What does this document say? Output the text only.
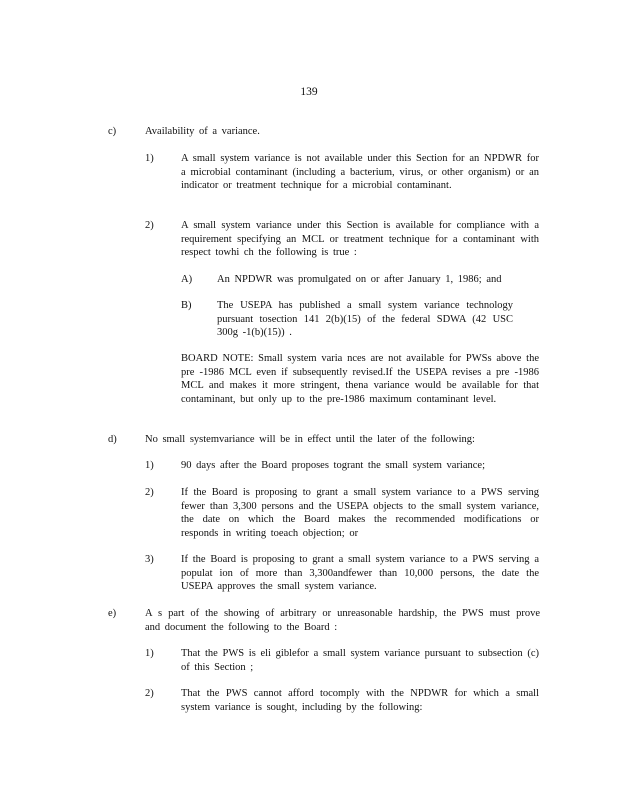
139
c)	Availability of a variance.
1)	A small system variance is not available under this Section for an NPDWR for a microbial contaminant (including a bacterium, virus, or other organism) or an indicator or treatment technique for a microbial contaminant.
2)	A small system variance under this Section is available for compliance with a requirement specifying an MCL or treatment technique for a contaminant with respect towhi ch the following is true :
A) An NPDWR was promulgated on or after January 1, 1986; and
B) The USEPA has published a small system variance technology pursuant tosection 141 2(b)(15) of the federal SDWA (42 USC 300g -1(b)(15)) .
BOARD NOTE: Small system varia nces are not available for PWSs above the pre -1986 MCL even if subsequently revised.If the USEPA revises a pre -1986 MCL and makes it more stringent, thena variance would be available for that contaminant, but only up to the pre-1986 maximum contaminant level.
d)	No small systemvariance will be in effect until the later of the following:
1)	90 days after the Board proposes togrant the small system variance;
2)	If the Board is proposing to grant a small system variance to a PWS serving fewer than 3,300 persons and the USEPA objects to the small system variance, the date on which the Board makes the recommended modifications or responds in writing toeach objection; or
3)	If the Board is proposing to grant a small system variance to a PWS serving a populat ion of more than 3,300andfewer than 10,000 persons, the date the USEPA approves the small system variance.
e)	A s part of the showing of arbitrary or unreasonable hardship, the PWS must prove and document the following to the Board :
1)	That the PWS is eli giblefor a small system variance pursuant to subsection (c) of this Section ;
2)	That the PWS cannot afford tocomply with the NPDWR for which a small system variance is sought, including by the following:
